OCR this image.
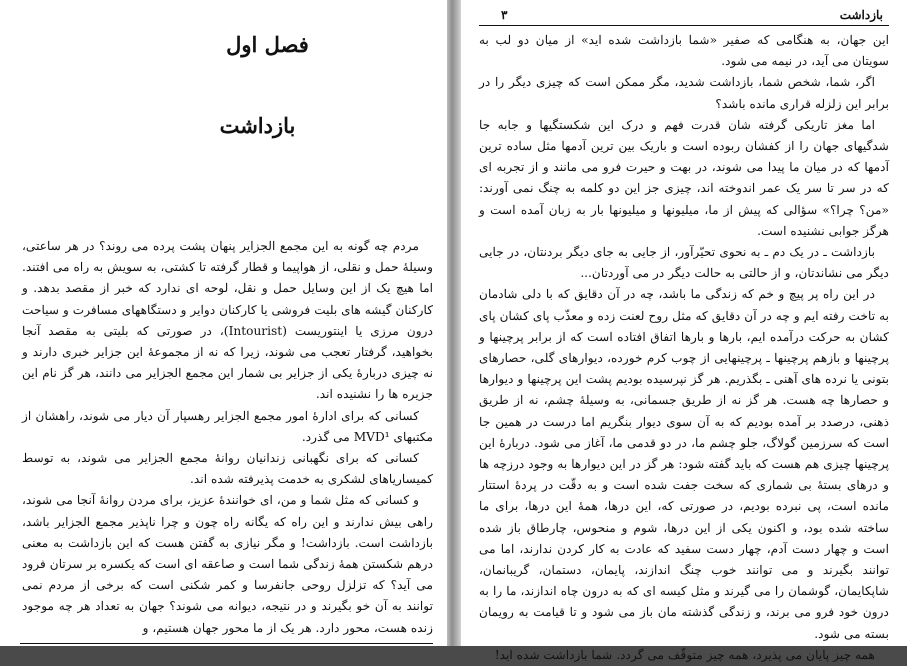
فصل اول
بازداشت

مردم چه گونه به این مجمع الجزایر پنهان پشت پرده می روند؟ در هر ساعتی، وسیلهٔ حمل و نقلی، از هواپیما و قطار گرفته تا کشتی، به سویش به راه می افتند. اما هیچ یک از این وسایل حمل و نقل، لوحه ای ندارد که خبر از مقصد بدهد. و کارکنان گیشه های بلیت فروشی یا کارکنان دوایر و دستگاههای مسافرت و سیاحت درون مرزی یا اینتوریست (Intourist)، در صورتی که بلیتی به مقصد آنجا بخواهید، گرفتار تعجب می شوند، زیرا که نه از مجموعهٔ این جزایر خبری دارند و نه چیزی دربارهٔ یکی از جزایر بی شمار این مجمع الجزایر می دانند، هر گز نام این جزیره ها را نشنیده اند.

کسانی که برای ادارهٔ امور مجمع الجزایر رهسپار آن دیار می شوند، راهشان از مکتبهای MVD¹ می گذرد.

کسانی که برای نگهبانی زندانیان روانهٔ مجمع الجزایر می شوند، به توسط کمیساریاهای لشکری به خدمت پذیرفته شده اند.

و کسانی که مثل شما و من، ای خوانندهٔ عزیز، برای مردن روانهٔ آنجا می شوند، راهی بیش ندارند و این راه که یگانه راه چون و چرا ناپذیر مجمع الجزایر باشد، بازداشت است. بازداشت! و مگر نیازی به گفتن هست که این بازداشت به معنی درهم شکستن همهٔ زندگی شما است و صاعقه ای است که یکسره بر سرتان فرود می آید؟ که تزلزل روحی جانفرسا و کمر شکنی است که برخی از مردم نمی توانند به آن خو بگیرند و در نتیجه، دیوانه می شوند؟ جهان به تعداد هر چه موجود زنده هست، محور دارد. هر یک از ما محور جهان هستیم، و

بازداشت
۳

این جهان، به هنگامی که صفیر «شما بازداشت شده اید» از میان دو لب به سویتان می آید، در نیمه می شود.

اگر، شما، شخص شما، بازداشت شدید، مگر ممکن است که چیزی دیگر را در برابر این زلزله قراری مانده باشد؟

اما مغز تاریکی گرفته شان قدرت فهم و درک این شکستگیها و جابه جا شدگیهای جهان را از کفشان ربوده است و باریک بین ترین آدمها مثل ساده ترین آدمها که در میان ما پیدا می شوند، در بهت و حیرت فرو می مانند و از تجربه ای که در سر تا سر یک عمر اندوخته اند، چیزی جز این دو کلمه به چنگ نمی آورند: «من؟ چرا؟» سؤالی که پیش از ما، میلیونها و میلیونها بار به زبان آمده است و هرگز جوابی نشنیده است.

بازداشت ـ در یک دم ـ به نحوی تحیّرآور، از جایی به جای دیگر بردنتان، در جایی دیگر می نشاندتان، و از حالتی به حالت دیگر در می آوردتان...

در این راه پر پیچ و خم که زندگی ما باشد، چه در آن دقایق که با دلی شادمان به تاخت رفته ایم و چه در آن دقایق که مثل روح لعنت زده و معذّب پای کشان پای کشان به حرکت درآمده ایم، بارها و بارها اتفاق افتاده است که از برابر پرچینها و پرچینها و بازهم پرچینها ـ پرچینهایی از چوب کرم خورده، دیوارهای گلی، حصارهای بتونی یا نرده های آهنی ـ بگذریم. هر گز نپرسیده بودیم پشت این پرچینها و دیوارها و حصارها چه هست. هر گز نه از طریق جسمانی، به وسیلهٔ چشم، نه از طریق ذهنی، درصدد بر آمده بودیم که به آن سوی دیوار بنگریم اما درست در همین جا است که سرزمین گولاگ، جلو چشم ما، در دو قدمی ما، آغاز می شود. دربارهٔ این پرچینها چیزی هم هست که باید گفته شود: هر گز در این دیوارها به وجود درزچه ها و درهای بستهٔ بی شماری که سخت جفت شده است و به دقّت در پردهٔ استتار مانده است، پی نبرده بودیم، در صورتی که، این درها، همهٔ این درها، برای ما ساخته شده بود، و اکنون یکی از این درها، شوم و منحوس، چارطاق باز شده است و چهار دست آدم، چهار دست سفید که عادت به کار کردن ندارند، اما می توانند بگیرند و می توانند خوب چنگ اندازند، پایمان، دستمان، گریبانمان، شاپکایمان، گوشمان را می گیرند و مثل کیسه ای که به درون چاه اندازند، ما را به درون خود فرو می برند، و زندگی گذشته مان باز می شود و تا قیامت به رویمان بسته می شود.

همه چیز پایان می پذیرد، همه چیز متوقّف می گردد. شما بازداشت شده اید!
